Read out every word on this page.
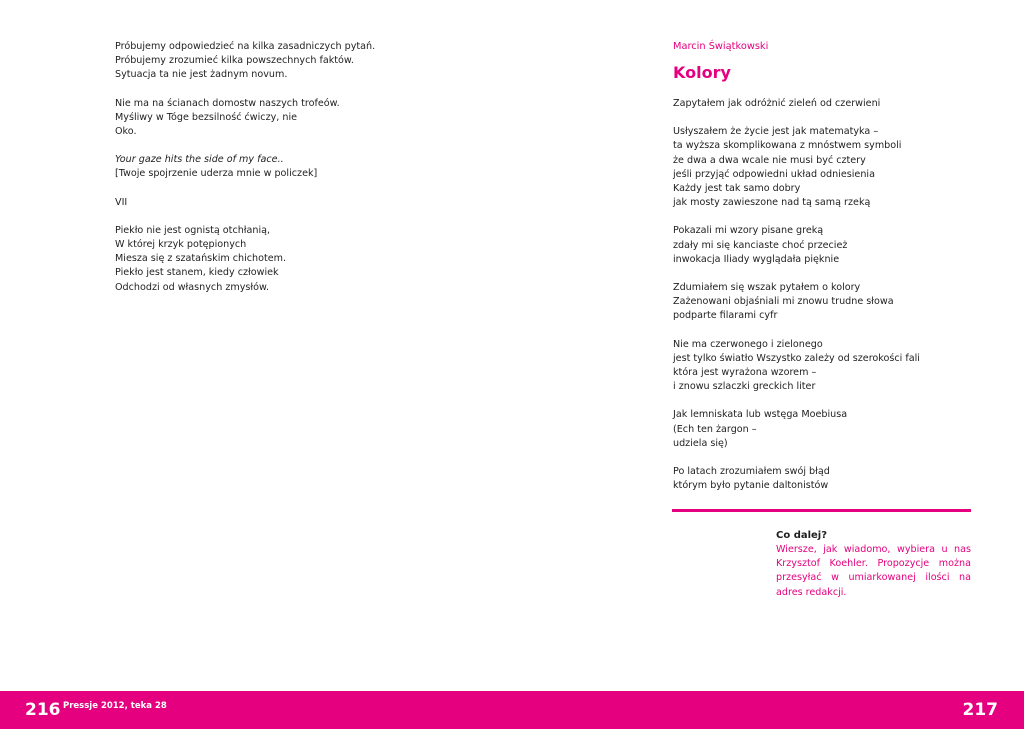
Próbujemy odpowiedzieć na kilka zasadniczych pytań.
Próbujemy zrozumieć kilka powszechnych faktów.
Sytuacja ta nie jest żadnym novum.
Nie ma na ścianach domostw naszych trofeów.
Myśliwy w Tóge bezsilność ćwiczy, nie
Oko.
Your gaze hits the side of my face..
[Twoje spojrzenie uderza mnie w policzek]
VII
Piekło nie jest ognistą otchłanią,
W której krzyk potępionych
Miesza się z szatańskim chichotem.
Piekło jest stanem, kiedy człowiek
Odchodzi od własnych zmysłów.
Marcin Świątkowski
Kolory
Zapytałem jak odróżnić zieleń od czerwieni
Usłyszałem że życie jest jak matematyka –
ta wyższa skomplikowana z mnóstwem symboli
że dwa a dwa wcale nie musi być cztery
jeśli przyjąć odpowiedni układ odniesienia
Każdy jest tak samo dobry
jak mosty zawieszone nad tą samą rzeką
Pokazali mi wzory pisane greką
zdały mi się kanciaste choć przecież
inwokacja Iliady wyglądała pięknie
Zdumiałem się wszak pytałem o kolory
Zażenowani objaśniali mi znowu trudne słowa
podparte filarami cyfr
Nie ma czerwonego i zielonego
jest tylko światło Wszystko zależy od szerokości fali
która jest wyrażona wzorem –
i znowu szlaczki greckich liter
Jak lemniskata lub wstęga Moebiusa
(Ech ten żargon –
udziela się)
Po latach zrozumiałem swój błąd
którym było pytanie daltonistów
Co dalej?
Wiersze, jak wiadomo, wybiera u nas Krzysztof Koehler. Propozycje można przesyłać w umiarkowanej ilości na adres redakcji.
216 Pressje 2012, teka 28	217
